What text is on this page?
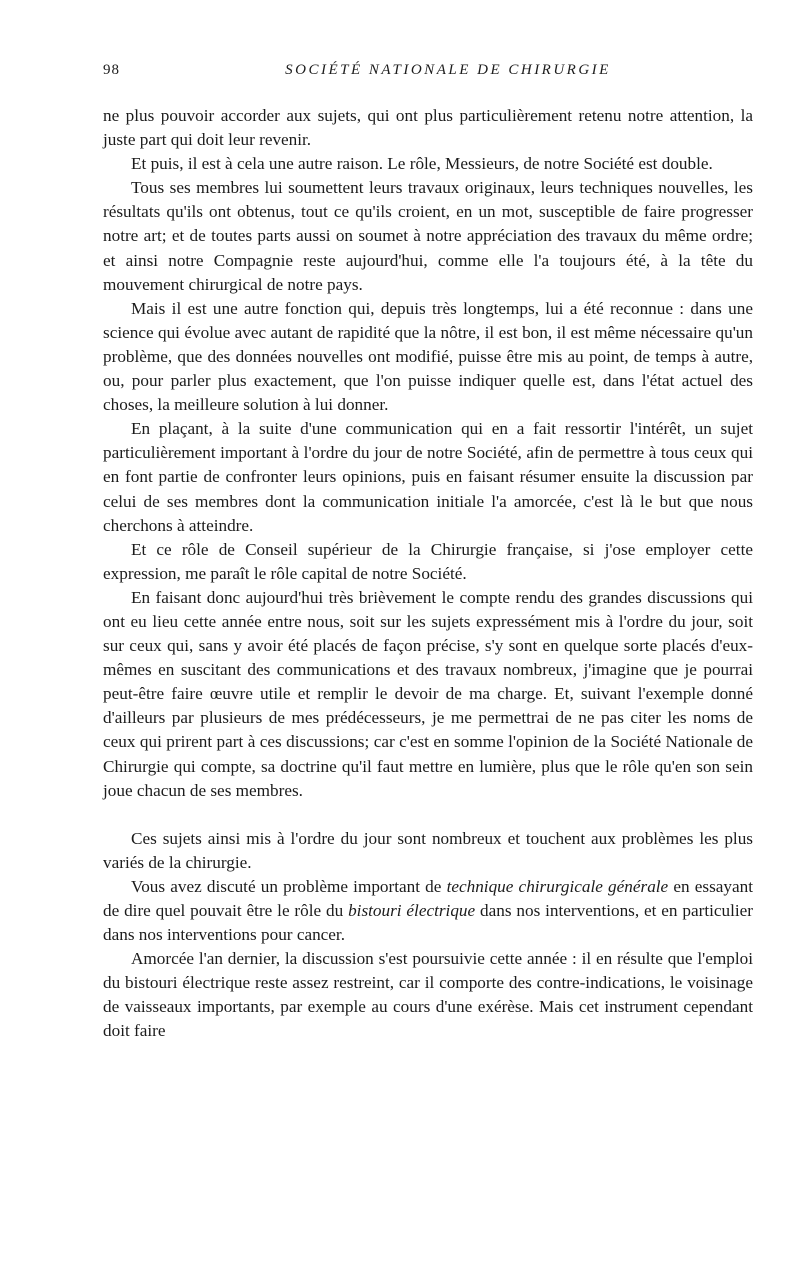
98	SOCIÉTÉ NATIONALE DE CHIRURGIE

ne plus pouvoir accorder aux sujets, qui ont plus particulièrement retenu notre attention, la juste part qui doit leur revenir.

Et puis, il est à cela une autre raison. Le rôle, Messieurs, de notre Société est double.

Tous ses membres lui soumettent leurs travaux originaux, leurs techniques nouvelles, les résultats qu'ils ont obtenus, tout ce qu'ils croient, en un mot, susceptible de faire progresser notre art; et de toutes parts aussi on soumet à notre appréciation des travaux du même ordre; et ainsi notre Compagnie reste aujourd'hui, comme elle l'a toujours été, à la tête du mouvement chirurgical de notre pays.

Mais il est une autre fonction qui, depuis très longtemps, lui a été reconnue : dans une science qui évolue avec autant de rapidité que la nôtre, il est bon, il est même nécessaire qu'un problème, que des données nouvelles ont modifié, puisse être mis au point, de temps à autre, ou, pour parler plus exactement, que l'on puisse indiquer quelle est, dans l'état actuel des choses, la meilleure solution à lui donner.

En plaçant, à la suite d'une communication qui en a fait ressortir l'intérêt, un sujet particulièrement important à l'ordre du jour de notre Société, afin de permettre à tous ceux qui en font partie de confronter leurs opinions, puis en faisant résumer ensuite la discussion par celui de ses membres dont la communication initiale l'a amorcée, c'est là le but que nous cherchons à atteindre.

Et ce rôle de Conseil supérieur de la Chirurgie française, si j'ose employer cette expression, me paraît le rôle capital de notre Société.

En faisant donc aujourd'hui très brièvement le compte rendu des grandes discussions qui ont eu lieu cette année entre nous, soit sur les sujets expressément mis à l'ordre du jour, soit sur ceux qui, sans y avoir été placés de façon précise, s'y sont en quelque sorte placés d'eux-mêmes en suscitant des communications et des travaux nombreux, j'imagine que je pourrai peut-être faire œuvre utile et remplir le devoir de ma charge. Et, suivant l'exemple donné d'ailleurs par plusieurs de mes prédécesseurs, je me permettrai de ne pas citer les noms de ceux qui prirent part à ces discussions; car c'est en somme l'opinion de la Société Nationale de Chirurgie qui compte, sa doctrine qu'il faut mettre en lumière, plus que le rôle qu'en son sein joue chacun de ses membres.

Ces sujets ainsi mis à l'ordre du jour sont nombreux et touchent aux problèmes les plus variés de la chirurgie.

Vous avez discuté un problème important de technique chirurgicale générale en essayant de dire quel pouvait être le rôle du bistouri électrique dans nos interventions, et en particulier dans nos interventions pour cancer.

Amorcée l'an dernier, la discussion s'est poursuivie cette année : il en résulte que l'emploi du bistouri électrique reste assez restreint, car il comporte des contre-indications, le voisinage de vaisseaux importants, par exemple au cours d'une exérèse. Mais cet instrument cependant doit faire
